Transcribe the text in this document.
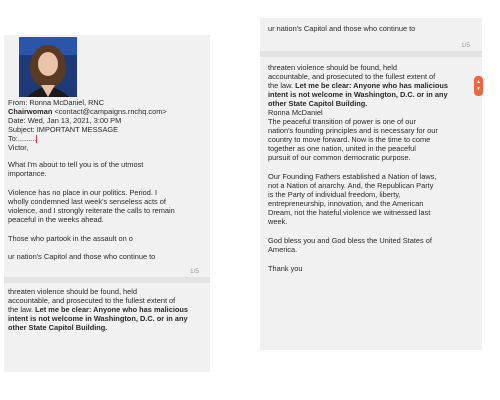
From: Ronna McDaniel, RNC
Chairwoman <contact@campaigns.rnchq.com>
Date: Wed, Jan 13, 2021, 3:00 PM
Subject: IMPORTANT MESSAGE
To:.........
Victor,
What I'm about to tell you is of the utmost
importance.
Violence has no place in our politics. Period. I
wholly condemned last week's senseless acts of
violence, and I strongly reiterate the calls to remain
peaceful in the weeks ahead.
Those who partook in the assault on o
ur nation's Capitol and those who continue to
1/5
threaten violence should be found, held
accountable, and prosecuted to the fullest extent of
the law. Let me be clear: Anyone who has malicious
intent is not welcome in Washington, D.C. or in any
other State Capitol Building.
ur nation's Capitol and those who continue to
1/5
threaten violence should be found, held
accountable, and prosecuted to the fullest extent of
the law. Let me be clear: Anyone who has malicious
intent is not welcome in Washington, D.C. or in any
other State Capitol Building.
Ronna McDaniel
The peaceful transition of power is one of our
nation's founding principles and is necessary for our
country to move forward. Now is the time to come
together as one nation, united in the peaceful
pursuit of our common democratic purpose.
Our Founding Fathers established a Nation of laws,
not a Nation of anarchy. And, the Republican Party
is the Party of individual freedom, liberty,
entrepreneurship, innovation, and the American
Dream, not the hateful violence we witnessed last
week.
God bless you and God bless the United States of
America.
Thank you
▲
▼
